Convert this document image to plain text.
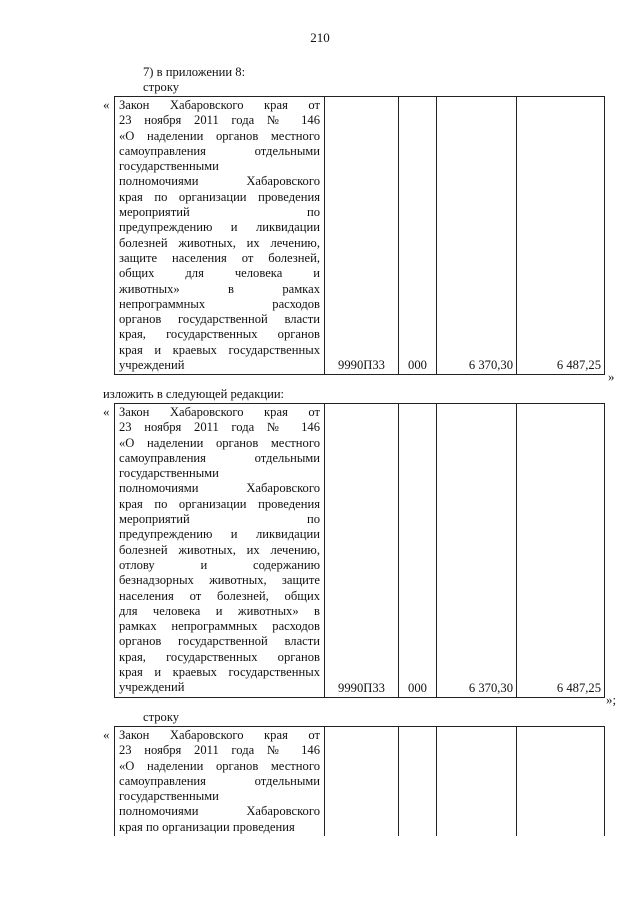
210
7) в приложении 8:
строку
« Закон Хабаровского края от
23 ноября 2011 года № 146
«О наделении органов местного
самоуправления отдельными
государственными
полномочиями Хабаровского
края по организации проведения
мероприятий по
предупреждению и ликвидации
болезней животных, их лечению,
защите населения от болезней,
общих для человека и
животных» в рамках
непрограммных расходов
органов государственной власти
края, государственных органов
края и краевых государственных
учреждений	9990П33	000	6 370,30	6 487,25
»
изложить в следующей редакции:
« Закон Хабаровского края от
23 ноября 2011 года № 146
«О наделении органов местного
самоуправления отдельными
государственными
полномочиями Хабаровского
края по организации проведения
мероприятий по
предупреждению и ликвидации
болезней животных, их лечению,
отлову и содержанию
безнадзорных животных, защите
населения от болезней, общих
для человека и животных» в
рамках непрограммных расходов
органов государственной власти
края, государственных органов
края и краевых государственных
учреждений	9990П33	000	6 370,30	6 487,25
»;
строку
« Закон Хабаровского края от
23 ноября 2011 года № 146
«О наделении органов местного
самоуправления отдельными
государственными
полномочиями Хабаровского
края по организации проведения
